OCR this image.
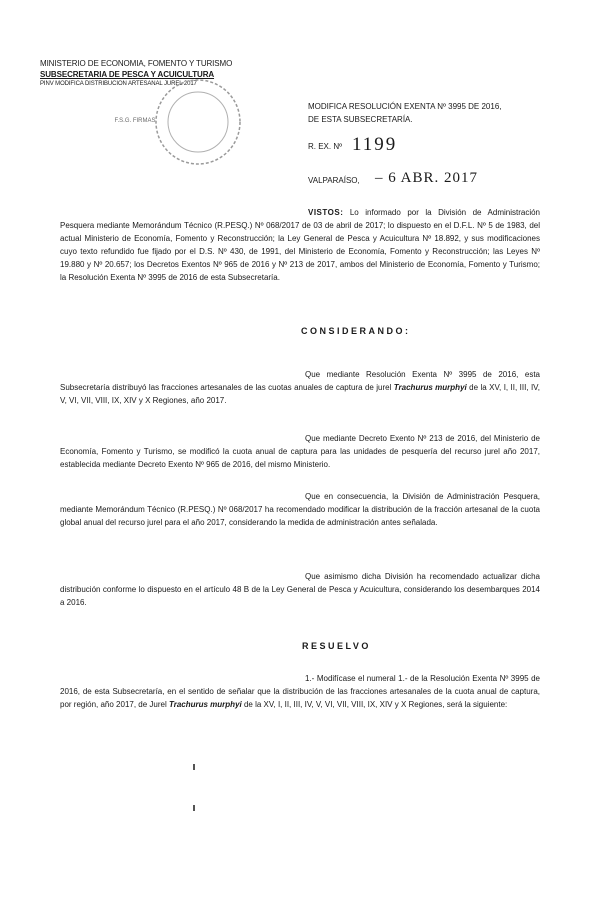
MINISTERIO DE ECONOMIA, FOMENTO Y TURISMO
SUBSECRETARIA DE PESCA Y ACUICULTURA
PINV MODIFICA DISTRIBUCION ARTESANAL JUREL 2017
F.S.G. FIRMAS
MODIFICA RESOLUCIÓN EXENTA Nº 3995 DE 2016,
DE ESTA SUBSECRETARÍA.
R. EX. Nº 1199
VALPARAÍSO, – 6 ABR. 2017
VISTOS: Lo informado por la División de Administración Pesquera mediante Memorándum Técnico (R.PESQ.) Nº 068/2017 de 03 de abril de 2017; lo dispuesto en el D.F.L. Nº 5 de 1983, del actual Ministerio de Economía, Fomento y Reconstrucción; la Ley General de Pesca y Acuicultura Nº 18.892, y sus modificaciones cuyo texto refundido fue fijado por el D.S. Nº 430, de 1991, del Ministerio de Economía, Fomento y Reconstrucción; las Leyes Nº 19.880 y Nº 20.657; los Decretos Exentos Nº 965 de 2016 y Nº 213 de 2017, ambos del Ministerio de Economía, Fomento y Turismo; la Resolución Exenta Nº 3995 de 2016 de esta Subsecretaría.
CONSIDERANDO:
Que mediante Resolución Exenta Nº 3995 de 2016, esta Subsecretaría distribuyó las fracciones artesanales de las cuotas anuales de captura de jurel Trachurus murphyi de la XV, I, II, III, IV, V, VI, VII, VIII, IX, XIV y X Regiones, año 2017.
Que mediante Decreto Exento Nº 213 de 2016, del Ministerio de Economía, Fomento y Turismo, se modificó la cuota anual de captura para las unidades de pesquería del recurso jurel año 2017, establecida mediante Decreto Exento Nº 965 de 2016, del mismo Ministerio.
Que en consecuencia, la División de Administración Pesquera, mediante Memorándum Técnico (R.PESQ.) Nº 068/2017 ha recomendado modificar la distribución de la fracción artesanal de la cuota global anual del recurso jurel para el año 2017, considerando la medida de administración antes señalada.
Que asimismo dicha División ha recomendado actualizar dicha distribución conforme lo dispuesto en el artículo 48 B de la Ley General de Pesca y Acuicultura, considerando los desembarques 2014 a 2016.
RESUELVO
1.- Modifícase el numeral 1.- de la Resolución Exenta Nº 3995 de 2016, de esta Subsecretaría, en el sentido de señalar que la distribución de las fracciones artesanales de la cuota anual de captura, por región, año 2017, de Jurel Trachurus murphyi de la XV, I, II, III, IV, V, VI, VII, VIII, IX, XIV y X Regiones, será la siguiente:
